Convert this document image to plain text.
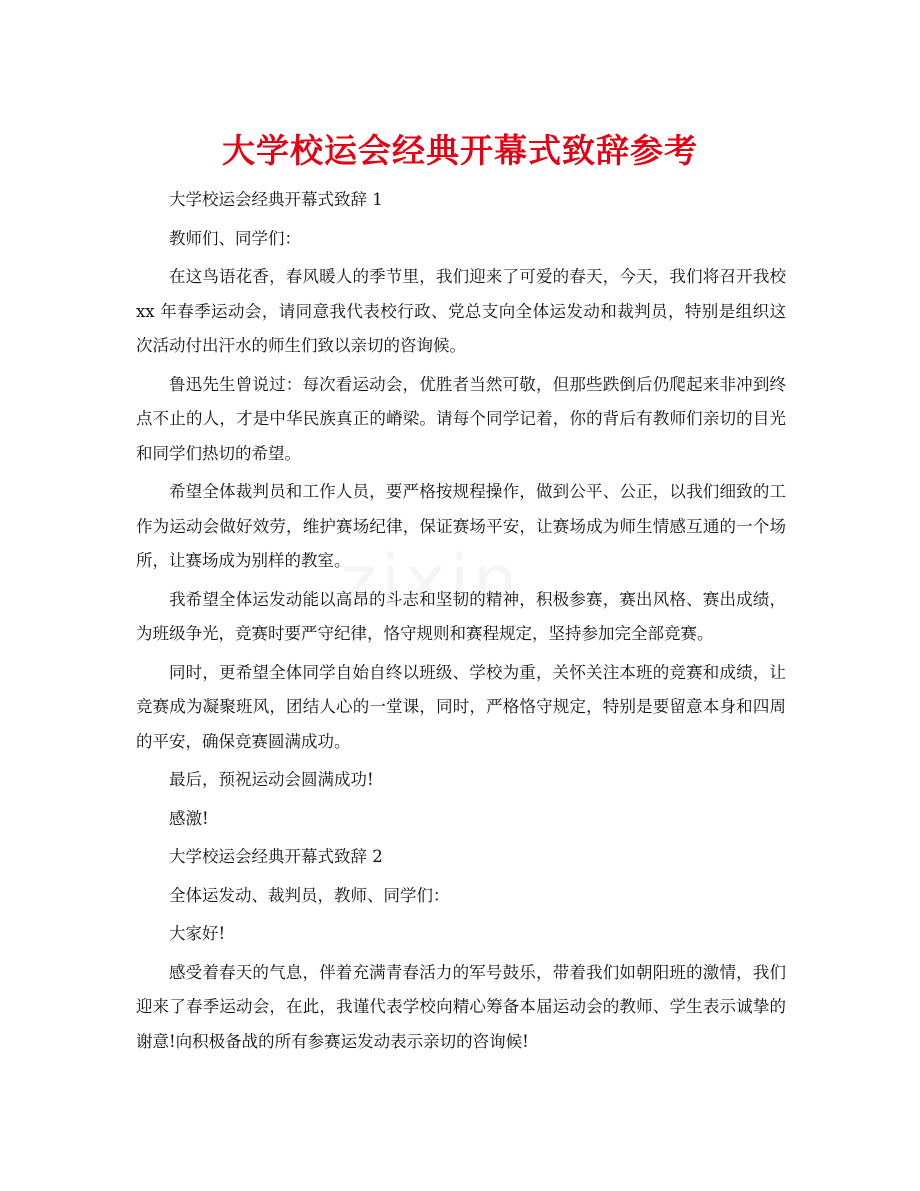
大学校运会经典开幕式致辞参考

大学校运会经典开幕式致辞 1

教师们、同学们：

在这鸟语花香，春风暖人的季节里，我们迎来了可爱的春天，今天，我们将召开我校 xx 年春季运动会，请同意我代表校行政、党总支向全体运发动和裁判员，特别是组织这次活动付出汗水的师生们致以亲切的咨询候。

鲁迅先生曾说过：每次看运动会，优胜者当然可敬，但那些跌倒后仍爬起来非冲到终点不止的人，才是中华民族真正的嵴梁。请每个同学记着，你的背后有教师们亲切的目光和同学们热切的希望。

希望全体裁判员和工作人员，要严格按规程操作，做到公平、公正，以我们细致的工作为运动会做好效劳，维护赛场纪律，保证赛场平安，让赛场成为师生情感互通的一个场所，让赛场成为别样的教室。

我希望全体运发动能以高昂的斗志和坚韧的精神，积极参赛，赛出风格、赛出成绩，为班级争光，竞赛时要严守纪律，恪守规则和赛程规定，坚持参加完全部竞赛。

同时，更希望全体同学自始自终以班级、学校为重，关怀关注本班的竞赛和成绩，让竞赛成为凝聚班风，团结人心的一堂课，同时，严格恪守规定，特别是要留意本身和四周的平安，确保竞赛圆满成功。

最后，预祝运动会圆满成功!

感激!

大学校运会经典开幕式致辞 2

全体运发动、裁判员，教师、同学们：

大家好!

感受着春天的气息，伴着充满青春活力的军号鼓乐，带着我们如朝阳班的激情，我们迎来了春季运动会，在此，我谨代表学校向精心筹备本届运动会的教师、学生表示诚挚的谢意!向积极备战的所有参赛运发动表示亲切的咨询候!
